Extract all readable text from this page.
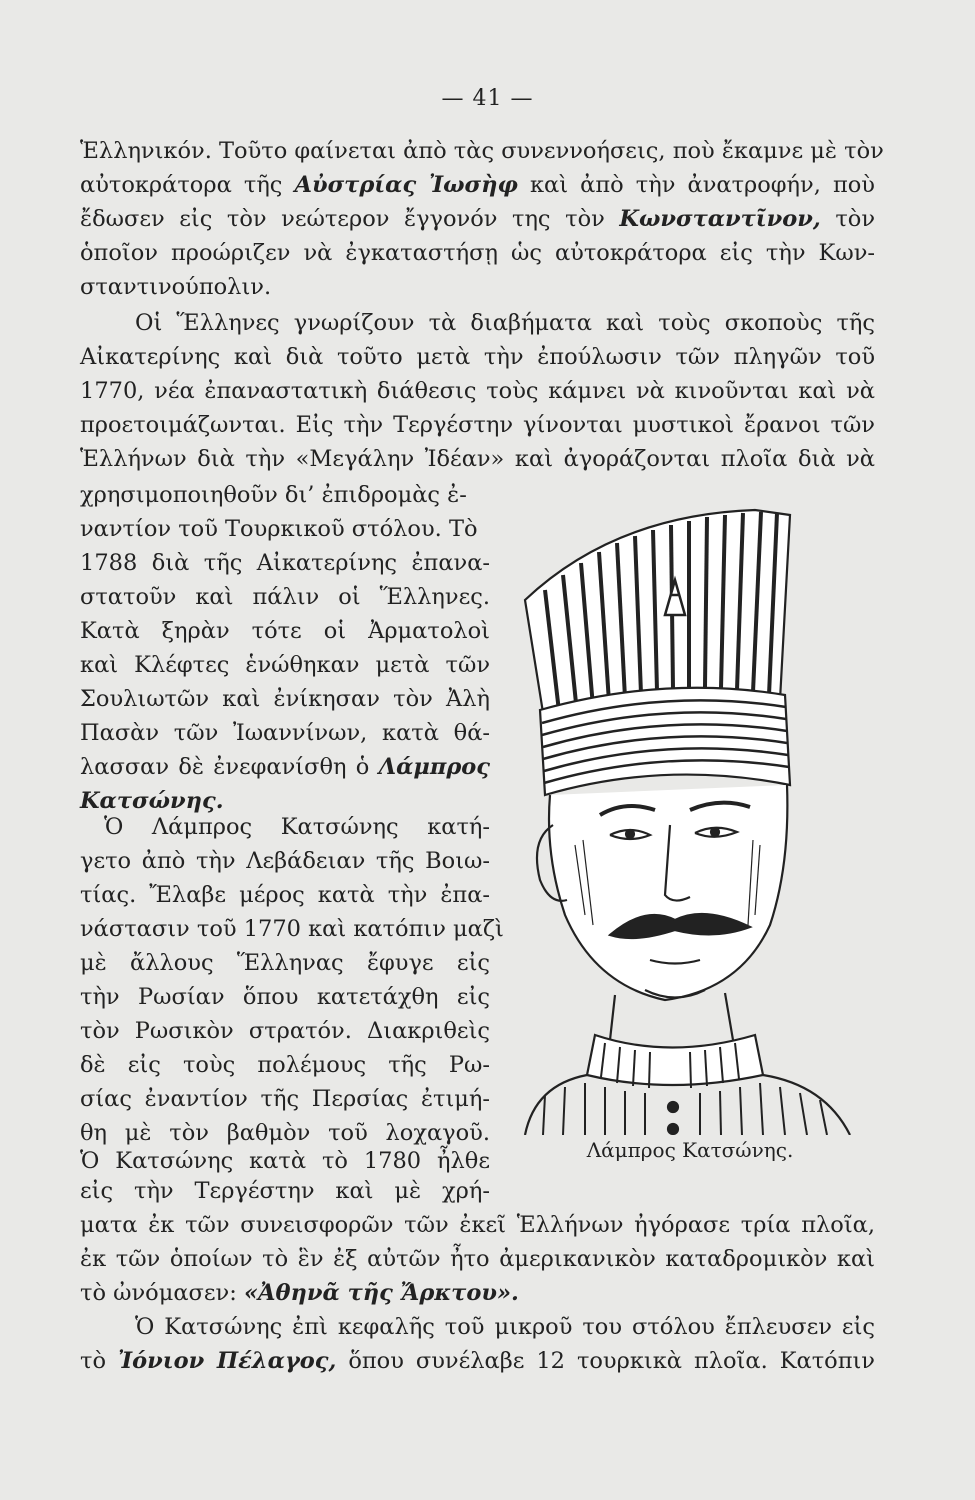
— 41 —
Ἑλληνικόν. Τοῦτο φαίνεται ἀπὸ τὰς συνεννοήσεις, ποὺ ἔκαμνε μὲ τὸν
αὐτοκράτορα τῆς Αὐστρίας Ἰωσὴφ καὶ ἀπὸ τὴν ἀνατροφήν, ποὺ
ἔδωσεν εἰς τὸν νεώτερον ἔγγονόν της τὸν Κωνσταντῖνον, τὸν
ὁποῖον προώριζεν νὰ ἐγκαταστήσῃ ὡς αὐτοκράτορα εἰς τὴν Κων-
σταντινούπολιν.
Οἱ Ἕλληνες γνωρίζουν τὰ διαβήματα καὶ τοὺς σκοποὺς τῆς
Αἰκατερίνης καὶ διὰ τοῦτο μετὰ τὴν ἐπούλωσιν τῶν πληγῶν τοῦ
1770, νέα ἐπαναστατικὴ διάθεσις τοὺς κάμνει νὰ κινοῦνται καὶ νὰ
προετοιμάζωνται. Εἰς τὴν Τεργέστην γίνονται μυστικοὶ ἔρανοι τῶν
Ἑλλήνων διὰ τὴν «Μεγάλην Ἰδέαν» καὶ ἀγοράζονται πλοῖα διὰ νὰ
χρησιμοποιηθοῦν δι’ ἐπιδρομὰς ἐ-
ναντίον τοῦ Τουρκικοῦ στόλου. Τὸ
1788 διὰ τῆς Αἰκατερίνης ἐπανα-
στατοῦν καὶ πάλιν οἱ Ἕλληνες.
Κατὰ ξηρὰν τότε οἱ Ἀρματολοὶ
καὶ Κλέφτες ἑνώθηκαν μετὰ τῶν
Σουλιωτῶν καὶ ἐνίκησαν τὸν Ἀλὴ
Πασὰν τῶν Ἰωαννίνων, κατὰ θά-
λασσαν δὲ ἐνεφανίσθη ὁ Λάμπρος
Κατσώνης.
Ὁ Λάμπρος Κατσώνης κατή-
γετο ἀπὸ τὴν Λεβάδειαν τῆς Βοιω-
τίας. Ἔλαβε μέρος κατὰ τὴν ἐπα-
νάστασιν τοῦ 1770 καὶ κατόπιν μαζὶ
μὲ ἄλλους Ἕλληνας ἔφυγε εἰς
τὴν Ρωσίαν ὅπου κατετάχθη εἰς
τὸν Ρωσικὸν στρατόν. Διακριθεὶς
δὲ εἰς τοὺς πολέμους τῆς Ρω-
σίας ἐναντίον τῆς Περσίας ἐτιμή-
θη μὲ τὸν βαθμὸν τοῦ λοχαγοῦ.
Ὁ Κατσώνης κατὰ τὸ 1780 ἦλθε
εἰς τὴν Τεργέστην καὶ μὲ χρή-
ματα ἐκ τῶν συνεισφορῶν τῶν ἐκεῖ Ἑλλήνων ἠγόρασε τρία πλοῖα,
ἐκ τῶν ὁποίων τὸ ἓν ἐξ αὐτῶν ἦτο ἀμερικανικὸν καταδρομικὸν καὶ
τὸ ὠνόμασεν: «Ἀθηνᾶ τῆς Ἄρκτου».
Ὁ Κατσώνης ἐπὶ κεφαλῆς τοῦ μικροῦ του στόλου ἔπλευσεν εἰς
τὸ Ἰόνιον Πέλαγος, ὅπου συνέλαβε 12 τουρκικὰ πλοῖα. Κατόπιν
Λάμπρος Κατσώνης.
